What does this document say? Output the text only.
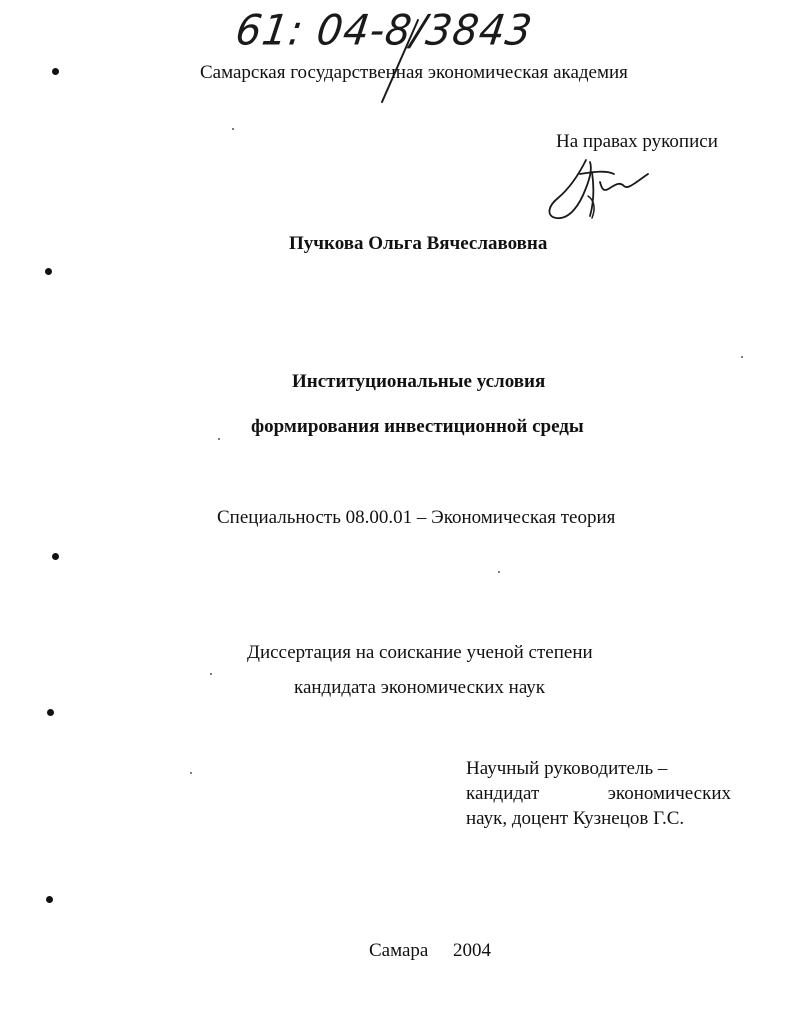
61: 04-8/3843
Самарская государственная экономическая академия
На правах рукописи
Пучкова Ольга Вячеславовна
Институциональные условия
формирования инвестиционной среды
Специальность 08.00.01 – Экономическая теория
Диссертация на соискание ученой степени
кандидата экономических наук
Научный руководитель –
кандидат	экономических
наук, доцент Кузнецов Г.С.
Самара 2004
